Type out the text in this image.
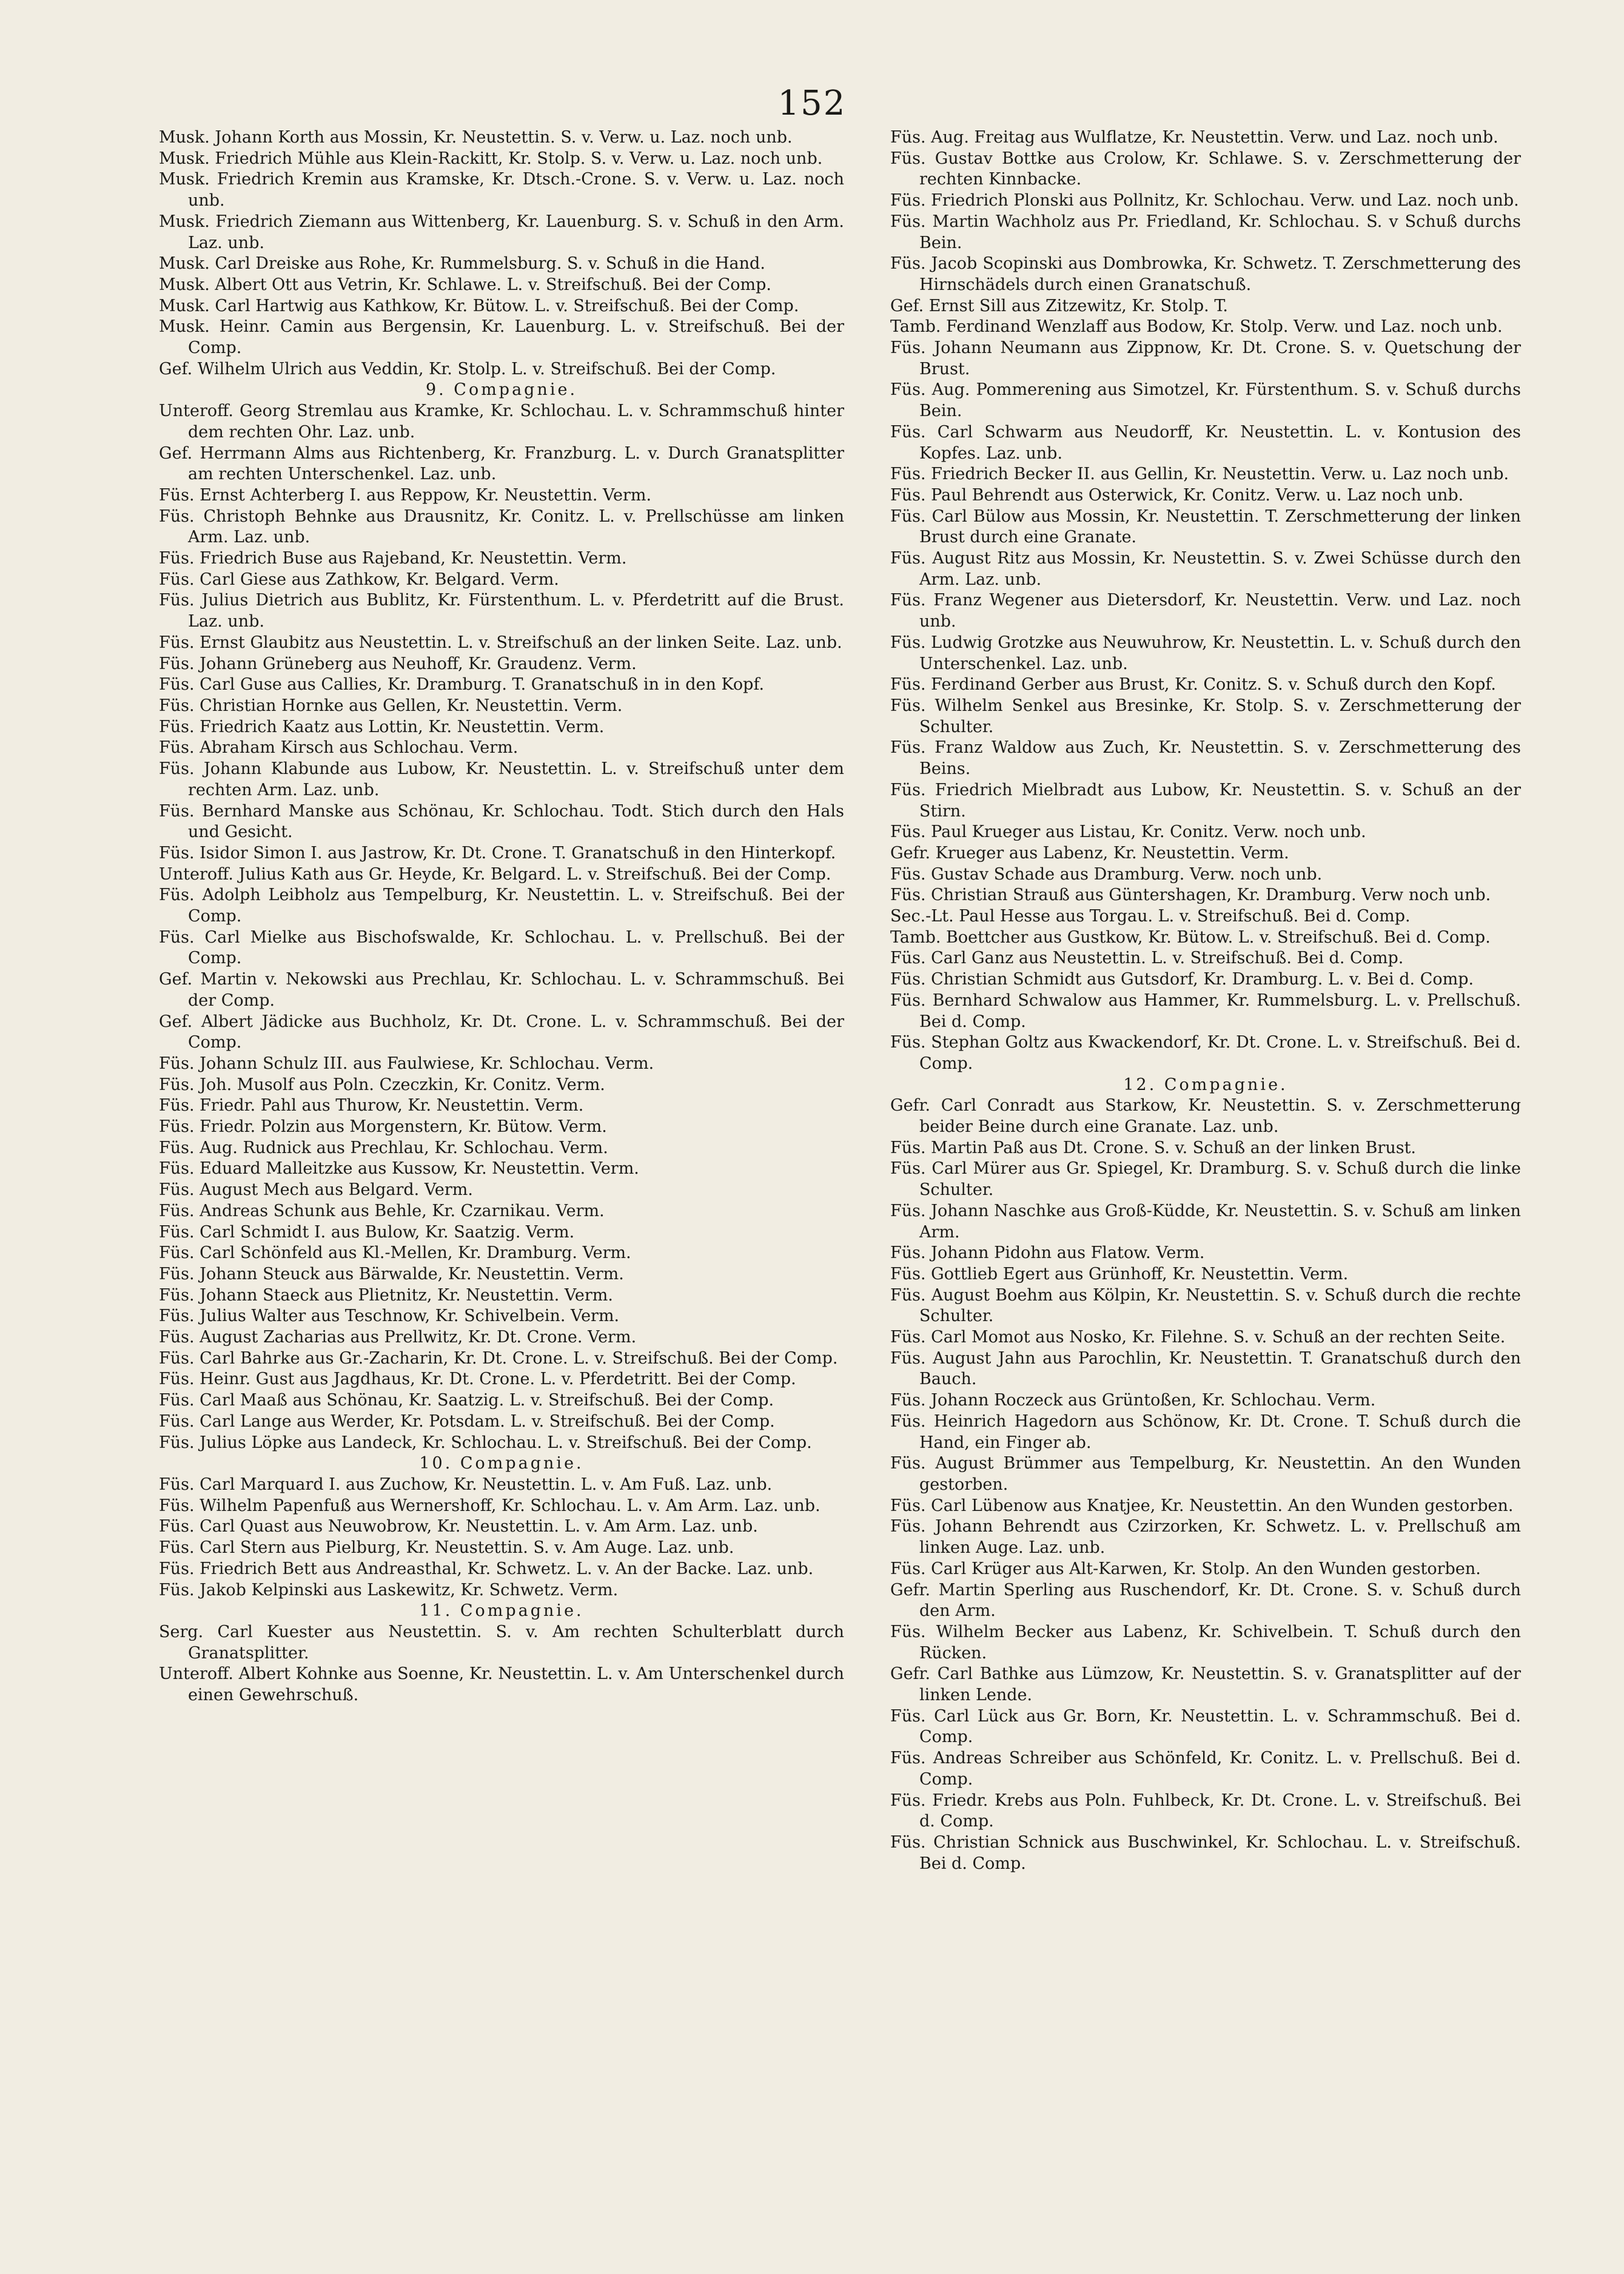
152

Musk. Johann Korth aus Mossin, Kr. Neustettin. S. v. Verw. u. Laz. noch unb.

Musk. Friedrich Mühle aus Klein-Rackitt, Kr. Stolp. S. v. Verw. u. Laz. noch unb.

Musk. Friedrich Kremin aus Kramske, Kr. Dtsch.-Crone. S. v. Verw. u. Laz. noch unb.

Musk. Friedrich Ziemann aus Wittenberg, Kr. Lauenburg. S. v. Schuß in den Arm. Laz. unb.

Musk. Carl Dreiske aus Rohe, Kr. Rummelsburg. S. v. Schuß in die Hand.

Musk. Albert Ott aus Vetrin, Kr. Schlawe. L. v. Streifschuß. Bei der Comp.

Musk. Carl Hartwig aus Kathkow, Kr. Bütow. L. v. Streifschuß. Bei der Comp.

Musk. Heinr. Camin aus Bergensin, Kr. Lauenburg. L. v. Streifschuß. Bei der Comp.

Gef. Wilhelm Ulrich aus Veddin, Kr. Stolp. L. v. Streifschuß. Bei der Comp.

9. Compagnie.

Unteroff. Georg Stremlau aus Kramke, Kr. Schlochau. L. v. Schrammschuß hinter dem rechten Ohr. Laz. unb.

Gef. Herrmann Alms aus Richtenberg, Kr. Franzburg. L. v. Durch Granatsplitter am rechten Unterschenkel. Laz. unb.

Füs. Ernst Achterberg I. aus Reppow, Kr. Neustettin. Verm.

Füs. Christoph Behnke aus Drausnitz, Kr. Conitz. L. v. Prellschüsse am linken Arm. Laz. unb.

Füs. Friedrich Buse aus Rajeband, Kr. Neustettin. Verm.

Füs. Carl Giese aus Zathkow, Kr. Belgard. Verm.

Füs. Julius Dietrich aus Bublitz, Kr. Fürstenthum. L. v. Pferdetritt auf die Brust. Laz. unb.

Füs. Ernst Glaubitz aus Neustettin. L. v. Streifschuß an der linken Seite. Laz. unb.

Füs. Johann Grüneberg aus Neuhoff, Kr. Graudenz. Verm.

Füs. Carl Guse aus Callies, Kr. Dramburg. T. Granatschuß in in den Kopf.

Füs. Christian Hornke aus Gellen, Kr. Neustettin. Verm.

Füs. Friedrich Kaatz aus Lottin, Kr. Neustettin. Verm.

Füs. Abraham Kirsch aus Schlochau. Verm.

Füs. Johann Klabunde aus Lubow, Kr. Neustettin. L. v. Streifschuß unter dem rechten Arm. Laz. unb.

Füs. Bernhard Manske aus Schönau, Kr. Schlochau. Todt. Stich durch den Hals und Gesicht.

Füs. Isidor Simon I. aus Jastrow, Kr. Dt. Crone. T. Granatschuß in den Hinterkopf.

Unteroff. Julius Kath aus Gr. Heyde, Kr. Belgard. L. v. Streifschuß. Bei der Comp.

Füs. Adolph Leibholz aus Tempelburg, Kr. Neustettin. L. v. Streifschuß. Bei der Comp.

Füs. Carl Mielke aus Bischofswalde, Kr. Schlochau. L. v. Prellschuß. Bei der Comp.

Gef. Martin v. Nekowski aus Prechlau, Kr. Schlochau. L. v. Schrammschuß. Bei der Comp.

Gef. Albert Jädicke aus Buchholz, Kr. Dt. Crone. L. v. Schrammschuß. Bei der Comp.

Füs. Johann Schulz III. aus Faulwiese, Kr. Schlochau. Verm.

Füs. Joh. Musolf aus Poln. Czeczkin, Kr. Conitz. Verm.

Füs. Friedr. Pahl aus Thurow, Kr. Neustettin. Verm.

Füs. Friedr. Polzin aus Morgenstern, Kr. Bütow. Verm.

Füs. Aug. Rudnick aus Prechlau, Kr. Schlochau. Verm.

Füs. Eduard Malleitzke aus Kussow, Kr. Neustettin. Verm.

Füs. August Mech aus Belgard. Verm.

Füs. Andreas Schunk aus Behle, Kr. Czarnikau. Verm.

Füs. Carl Schmidt I. aus Bulow, Kr. Saatzig. Verm.

Füs. Carl Schönfeld aus Kl.-Mellen, Kr. Dramburg. Verm.

Füs. Johann Steuck aus Bärwalde, Kr. Neustettin. Verm.

Füs. Johann Staeck aus Plietnitz, Kr. Neustettin. Verm.

Füs. Julius Walter aus Teschnow, Kr. Schivelbein. Verm.

Füs. August Zacharias aus Prellwitz, Kr. Dt. Crone. Verm.

Füs. Carl Bahrke aus Gr.-Zacharin, Kr. Dt. Crone. L. v. Streifschuß. Bei der Comp.

Füs. Heinr. Gust aus Jagdhaus, Kr. Dt. Crone. L. v. Pferdetritt. Bei der Comp.

Füs. Carl Maaß aus Schönau, Kr. Saatzig. L. v. Streifschuß. Bei der Comp.

Füs. Carl Lange aus Werder, Kr. Potsdam. L. v. Streifschuß. Bei der Comp.

Füs. Julius Löpke aus Landeck, Kr. Schlochau. L. v. Streifschuß. Bei der Comp.

10. Compagnie.

Füs. Carl Marquard I. aus Zuchow, Kr. Neustettin. L. v. Am Fuß. Laz. unb.

Füs. Wilhelm Papenfuß aus Wernershoff, Kr. Schlochau. L. v. Am Arm. Laz. unb.

Füs. Carl Quast aus Neuwobrow, Kr. Neustettin. L. v. Am Arm. Laz. unb.

Füs. Carl Stern aus Pielburg, Kr. Neustettin. S. v. Am Auge. Laz. unb.

Füs. Friedrich Bett aus Andreasthal, Kr. Schwetz. L. v. An der Backe. Laz. unb.

Füs. Jakob Kelpinski aus Laskewitz, Kr. Schwetz. Verm.

11. Compagnie.

Serg. Carl Kuester aus Neustettin. S. v. Am rechten Schulterblatt durch Granatsplitter.

Unteroff. Albert Kohnke aus Soenne, Kr. Neustettin. L. v. Am Unterschenkel durch einen Gewehrschuß.

Füs. Aug. Freitag aus Wulflatze, Kr. Neustettin. Verw. und Laz. noch unb.

Füs. Gustav Bottke aus Crolow, Kr. Schlawe. S. v. Zerschmetterung der rechten Kinnbacke.

Füs. Friedrich Plonski aus Pollnitz, Kr. Schlochau. Verw. und Laz. noch unb.

Füs. Martin Wachholz aus Pr. Friedland, Kr. Schlochau. S. v Schuß durchs Bein.

Füs. Jacob Scopinski aus Dombrowka, Kr. Schwetz. T. Zerschmetterung des Hirnschädels durch einen Granatschuß.

Gef. Ernst Sill aus Zitzewitz, Kr. Stolp. T.

Tamb. Ferdinand Wenzlaff aus Bodow, Kr. Stolp. Verw. und Laz. noch unb.

Füs. Johann Neumann aus Zippnow, Kr. Dt. Crone. S. v. Quetschung der Brust.

Füs. Aug. Pommerening aus Simotzel, Kr. Fürstenthum. S. v. Schuß durchs Bein.

Füs. Carl Schwarm aus Neudorff, Kr. Neustettin. L. v. Kontusion des Kopfes. Laz. unb.

Füs. Friedrich Becker II. aus Gellin, Kr. Neustettin. Verw. u. Laz noch unb.

Füs. Paul Behrendt aus Osterwick, Kr. Conitz. Verw. u. Laz noch unb.

Füs. Carl Bülow aus Mossin, Kr. Neustettin. T. Zerschmetterung der linken Brust durch eine Granate.

Füs. August Ritz aus Mossin, Kr. Neustettin. S. v. Zwei Schüsse durch den Arm. Laz. unb.

Füs. Franz Wegener aus Dietersdorf, Kr. Neustettin. Verw. und Laz. noch unb.

Füs. Ludwig Grotzke aus Neuwuhrow, Kr. Neustettin. L. v. Schuß durch den Unterschenkel. Laz. unb.

Füs. Ferdinand Gerber aus Brust, Kr. Conitz. S. v. Schuß durch den Kopf.

Füs. Wilhelm Senkel aus Bresinke, Kr. Stolp. S. v. Zerschmetterung der Schulter.

Füs. Franz Waldow aus Zuch, Kr. Neustettin. S. v. Zerschmetterung des Beins.

Füs. Friedrich Mielbradt aus Lubow, Kr. Neustettin. S. v. Schuß an der Stirn.

Füs. Paul Krueger aus Listau, Kr. Conitz. Verw. noch unb.

Gefr. Krueger aus Labenz, Kr. Neustettin. Verm.

Füs. Gustav Schade aus Dramburg. Verw. noch unb.

Füs. Christian Strauß aus Güntershagen, Kr. Dramburg. Verw noch unb.

Sec.-Lt. Paul Hesse aus Torgau. L. v. Streifschuß. Bei d. Comp.

Tamb. Boettcher aus Gustkow, Kr. Bütow. L. v. Streifschuß. Bei d. Comp.

Füs. Carl Ganz aus Neustettin. L. v. Streifschuß. Bei d. Comp.

Füs. Christian Schmidt aus Gutsdorf, Kr. Dramburg. L. v. Bei d. Comp.

Füs. Bernhard Schwalow aus Hammer, Kr. Rummelsburg. L. v. Prellschuß. Bei d. Comp.

Füs. Stephan Goltz aus Kwackendorf, Kr. Dt. Crone. L. v. Streifschuß. Bei d. Comp.

12. Compagnie.

Gefr. Carl Conradt aus Starkow, Kr. Neustettin. S. v. Zerschmetterung beider Beine durch eine Granate. Laz. unb.

Füs. Martin Paß aus Dt. Crone. S. v. Schuß an der linken Brust.

Füs. Carl Mürer aus Gr. Spiegel, Kr. Dramburg. S. v. Schuß durch die linke Schulter.

Füs. Johann Naschke aus Groß-Küdde, Kr. Neustettin. S. v. Schuß am linken Arm.

Füs. Johann Pidohn aus Flatow. Verm.

Füs. Gottlieb Egert aus Grünhoff, Kr. Neustettin. Verm.

Füs. August Boehm aus Kölpin, Kr. Neustettin. S. v. Schuß durch die rechte Schulter.

Füs. Carl Momot aus Nosko, Kr. Filehne. S. v. Schuß an der rechten Seite.

Füs. August Jahn aus Parochlin, Kr. Neustettin. T. Granatschuß durch den Bauch.

Füs. Johann Roczeck aus Grüntoßen, Kr. Schlochau. Verm.

Füs. Heinrich Hagedorn aus Schönow, Kr. Dt. Crone. T. Schuß durch die Hand, ein Finger ab.

Füs. August Brümmer aus Tempelburg, Kr. Neustettin. An den Wunden gestorben.

Füs. Carl Lübenow aus Knatjee, Kr. Neustettin. An den Wunden gestorben.

Füs. Johann Behrendt aus Czirzorken, Kr. Schwetz. L. v. Prellschuß am linken Auge. Laz. unb.

Füs. Carl Krüger aus Alt-Karwen, Kr. Stolp. An den Wunden gestorben.

Gefr. Martin Sperling aus Ruschendorf, Kr. Dt. Crone. S. v. Schuß durch den Arm.

Füs. Wilhelm Becker aus Labenz, Kr. Schivelbein. T. Schuß durch den Rücken.

Gefr. Carl Bathke aus Lümzow, Kr. Neustettin. S. v. Granatsplitter auf der linken Lende.

Füs. Carl Lück aus Gr. Born, Kr. Neustettin. L. v. Schrammschuß. Bei d. Comp.

Füs. Andreas Schreiber aus Schönfeld, Kr. Conitz. L. v. Prellschuß. Bei d. Comp.

Füs. Friedr. Krebs aus Poln. Fuhlbeck, Kr. Dt. Crone. L. v. Streifschuß. Bei d. Comp.

Füs. Christian Schnick aus Buschwinkel, Kr. Schlochau. L. v. Streifschuß. Bei d. Comp.
